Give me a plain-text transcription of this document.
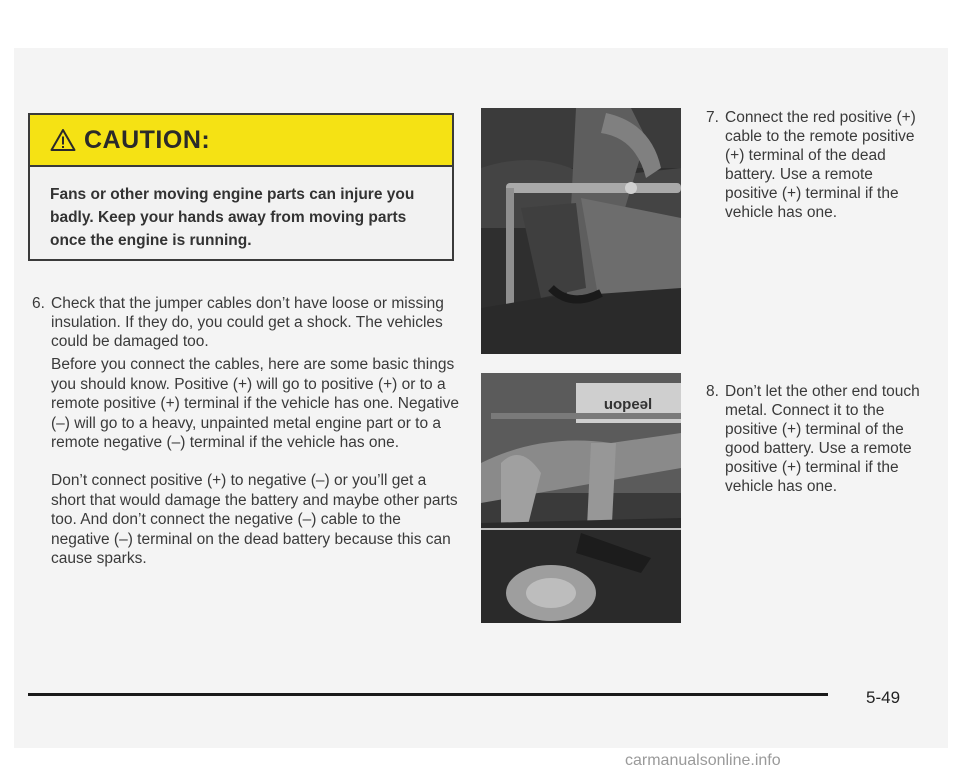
CAUTION:
Fans or other moving engine parts can injure you badly. Keep your hands away from moving parts once the engine is running.
6. Check that the jumper cables don’t have loose or missing insulation. If they do, you could get a shock. The vehicles could be damaged too.
Before you connect the cables, here are some basic things you should know. Positive (+) will go to positive (+) or to a remote positive (+) terminal if the vehicle has one. Negative (–) will go to a heavy, unpainted metal engine part or to a remote negative (–) terminal if the vehicle has one.
Don’t connect positive (+) to negative (–) or you’ll get a short that would damage the battery and maybe other parts too. And don’t connect the negative (–) cable to the negative (–) terminal on the dead battery because this can cause sparks.
uopeəl
7. Connect the red positive (+) cable to the remote positive (+) terminal of the dead battery. Use a remote positive (+) terminal if the vehicle has one.
8. Don’t let the other end touch metal. Connect it to the positive (+) terminal of the good battery. Use a remote positive (+) terminal if the vehicle has one.
5-49
carmanualsonline.info
